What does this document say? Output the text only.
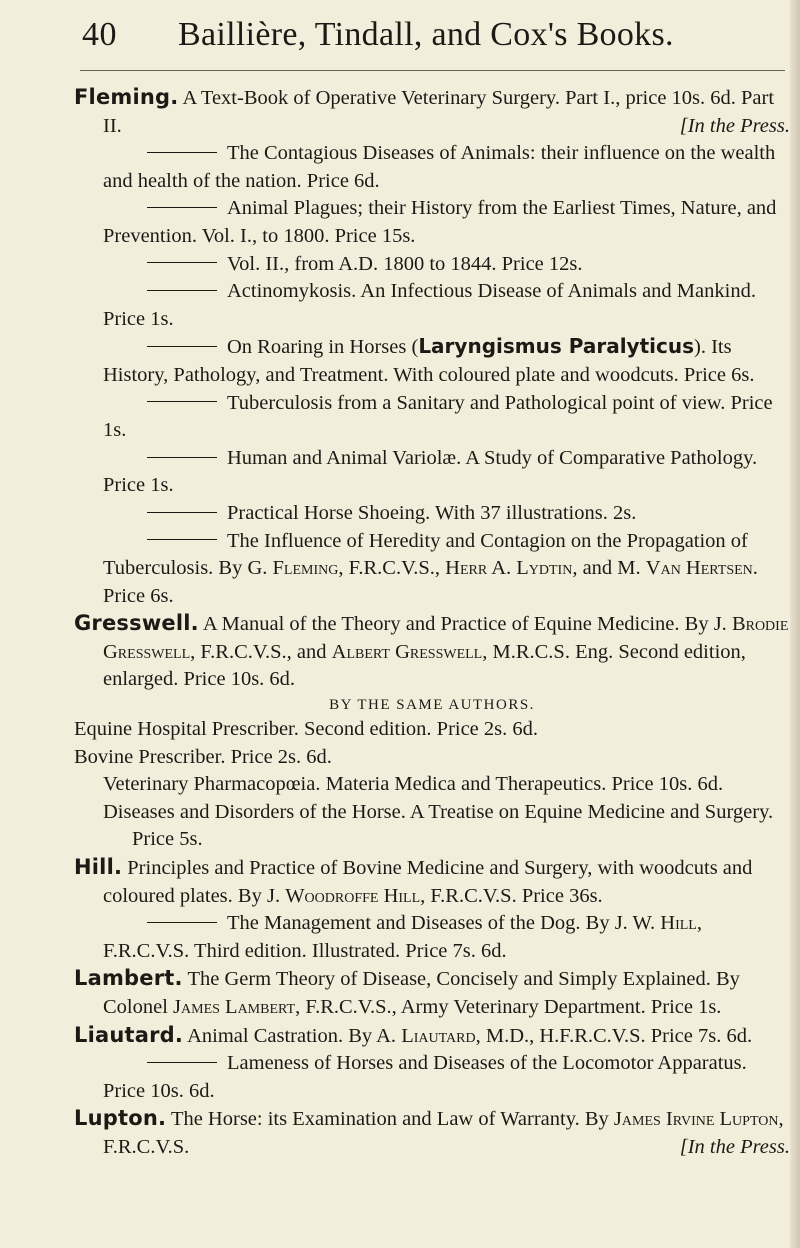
40 Baillière, Tindall, and Cox's Books.

Fleming. A Text-Book of Operative Veterinary Surgery. Part I., price 10s. 6d. Part II.	[In the Press.

The Contagious Diseases of Animals: their influence on the wealth and health of the nation. Price 6d.

Animal Plagues; their History from the Earliest Times, Nature, and Prevention. Vol. I., to 1800. Price 15s.

Vol. II., from A.D. 1800 to 1844. Price 12s.

Actinomykosis. An Infectious Disease of Animals and Mankind. Price 1s.

On Roaring in Horses (Laryngismus Paralyticus). Its History, Pathology, and Treatment. With coloured plate and woodcuts. Price 6s.

Tuberculosis from a Sanitary and Pathological point of view. Price 1s.

Human and Animal Variolæ. A Study of Comparative Pathology. Price 1s.

Practical Horse Shoeing. With 37 illustrations. 2s.

The Influence of Heredity and Contagion on the Propagation of Tuberculosis. By G. Fleming, F.R.C.V.S., Herr A. Lydtin, and M. Van Hertsen. Price 6s.

Gresswell. A Manual of the Theory and Practice of Equine Medicine. By J. Brodie Gresswell, F.R.C.V.S., and Albert Gresswell, M.R.C.S. Eng. Second edition, enlarged. Price 10s. 6d.

BY THE SAME AUTHORS.

Equine Hospital Prescriber. Second edition. Price 2s. 6d.

Bovine Prescriber. Price 2s. 6d.

Veterinary Pharmacopœia. Materia Medica and Therapeutics. Price 10s. 6d.

Diseases and Disorders of the Horse. A Treatise on Equine Medicine and Surgery. Price 5s.

Hill. Principles and Practice of Bovine Medicine and Surgery, with woodcuts and coloured plates. By J. Woodroffe Hill, F.R.C.V.S. Price 36s.

The Management and Diseases of the Dog. By J. W. Hill, F.R.C.V.S. Third edition. Illustrated. Price 7s. 6d.

Lambert. The Germ Theory of Disease, Concisely and Simply Explained. By Colonel James Lambert, F.R.C.V.S., Army Veterinary Department. Price 1s.

Liautard. Animal Castration. By A. Liautard, M.D., H.F.R.C.V.S. Price 7s. 6d.

Lameness of Horses and Diseases of the Locomotor Apparatus. Price 10s. 6d.

Lupton. The Horse: its Examination and Law of Warranty. By James Irvine Lupton, F.R.C.V.S.	[In the Press.
